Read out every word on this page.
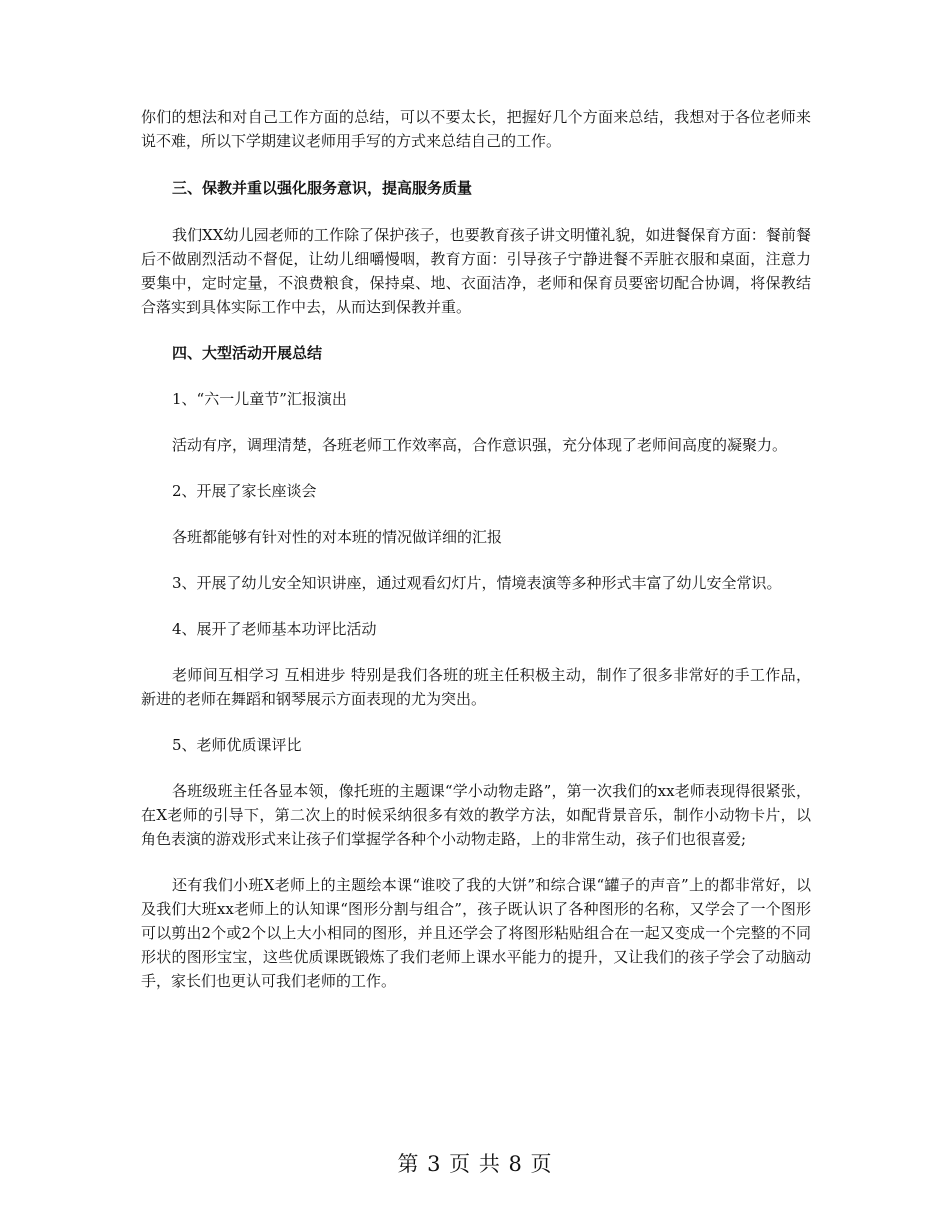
你们的想法和对自己工作方面的总结，可以不要太长，把握好几个方面来总结，我想对于各位老师来说不难，所以下学期建议老师用手写的方式来总结自己的工作。

三、保教并重以强化服务意识，提高服务质量

我们XX幼儿园老师的工作除了保护孩子，也要教育孩子讲文明懂礼貌，如进餐保育方面：餐前餐后不做剧烈活动不督促，让幼儿细嚼慢咽，教育方面：引导孩子宁静进餐不弄脏衣服和桌面，注意力要集中，定时定量，不浪费粮食，保持桌、地、衣面洁净，老师和保育员要密切配合协调，将保教结合落实到具体实际工作中去，从而达到保教并重。

四、大型活动开展总结

1、“六一儿童节”汇报演出

活动有序，调理清楚，各班老师工作效率高，合作意识强，充分体现了老师间高度的凝聚力。

2、开展了家长座谈会

各班都能够有针对性的对本班的情况做详细的汇报

3、开展了幼儿安全知识讲座，通过观看幻灯片，情境表演等多种形式丰富了幼儿安全常识。

4、展开了老师基本功评比活动

老师间互相学习 互相进步 特别是我们各班的班主任积极主动，制作了很多非常好的手工作品，新进的老师在舞蹈和钢琴展示方面表现的尤为突出。

5、老师优质课评比

各班级班主任各显本领，像托班的主题课“学小动物走路”，第一次我们的xx老师表现得很紧张，在X老师的引导下，第二次上的时候采纳很多有效的教学方法，如配背景音乐，制作小动物卡片，以角色表演的游戏形式来让孩子们掌握学各种个小动物走路，上的非常生动，孩子们也很喜爱;

还有我们小班X老师上的主题绘本课“谁咬了我的大饼”和综合课“罐子的声音”上的都非常好，以及我们大班xx老师上的认知课“图形分割与组合”，孩子既认识了各种图形的名称，又学会了一个图形可以剪出2个或2个以上大小相同的图形，并且还学会了将图形粘贴组合在一起又变成一个完整的不同形状的图形宝宝，这些优质课既锻炼了我们老师上课水平能力的提升，又让我们的孩子学会了动脑动手，家长们也更认可我们老师的工作。

第 3 页 共 8 页
